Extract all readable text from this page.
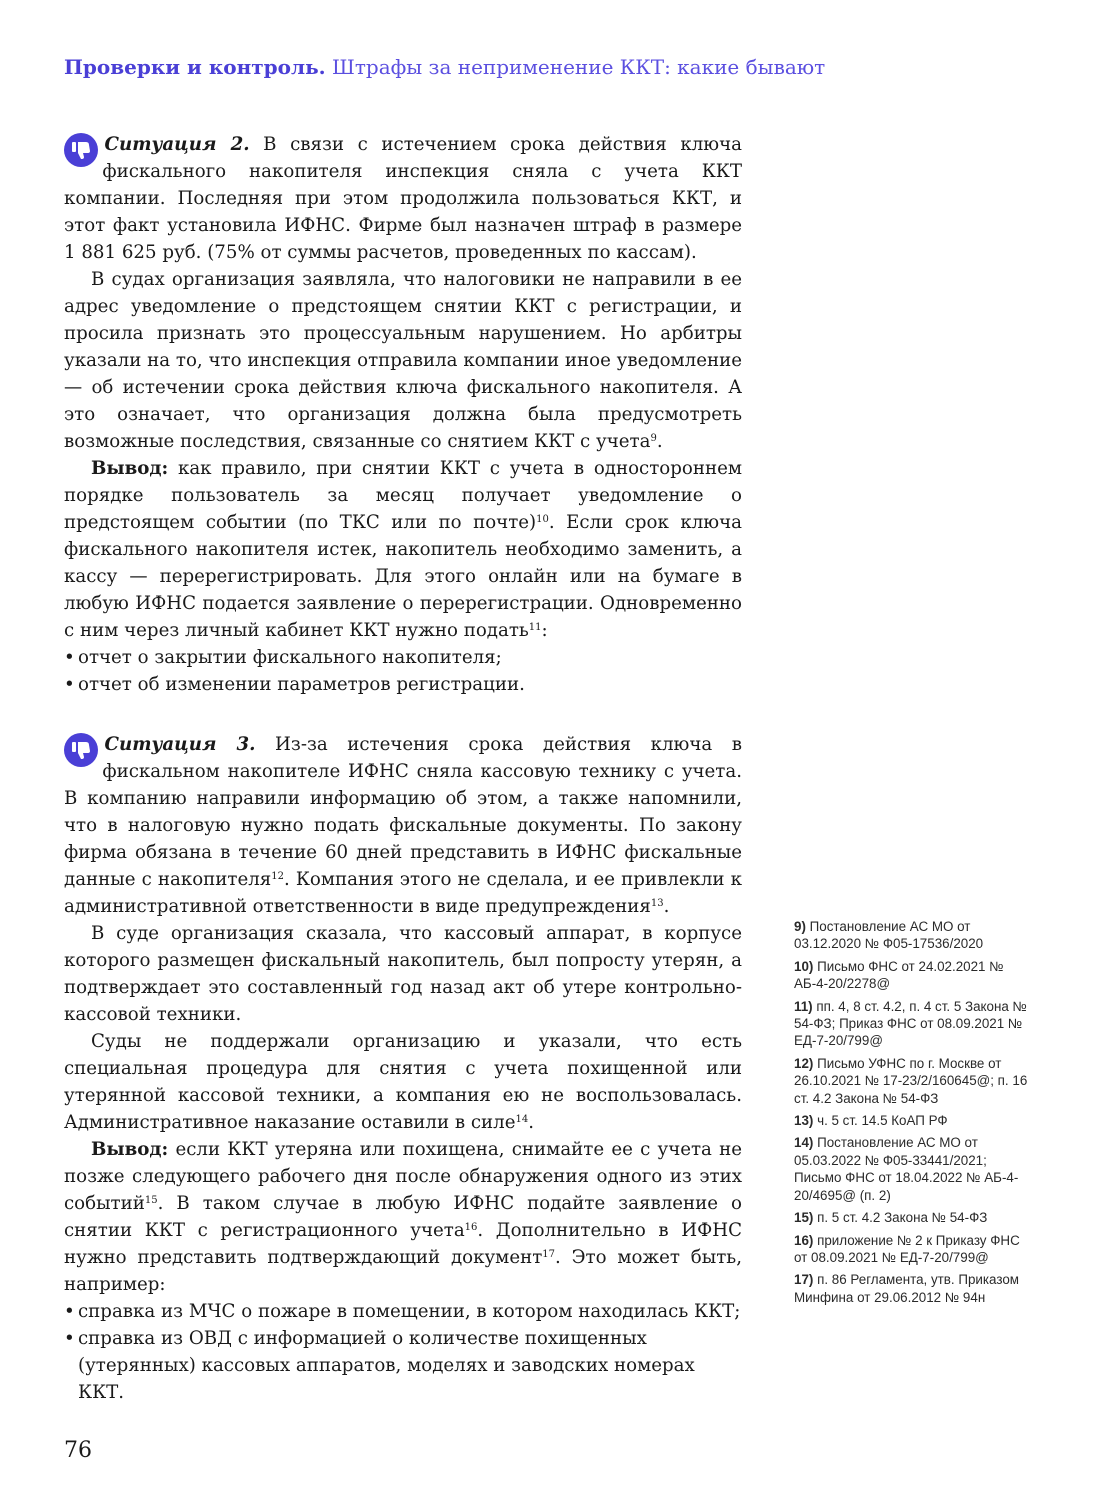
Проверки и контроль. Штрафы за неприменение ККТ: какие бывают

Ситуация 2. В связи с истечением срока действия ключа фискального накопителя инспекция сняла с учета ККТ компании. Последняя при этом продолжила пользоваться ККТ, и этот факт установила ИФНС. Фирме был назначен штраф в размере 1 881 625 руб. (75% от суммы расчетов, проведенных по кассам).

В судах организация заявляла, что налоговики не направили в ее адрес уведомление о предстоящем снятии ККТ с регистрации, и просила признать это процессуальным нарушением. Но арбитры указали на то, что инспекция отправила компании иное уведомление — об истечении срока действия ключа фискального накопителя. А это означает, что организация должна была предусмотреть возможные последствия, связанные со снятием ККТ с учета$^9$.

Вывод: как правило, при снятии ККТ с учета в одностороннем порядке пользователь за месяц получает уведомление о предстоящем событии (по ТКС или по почте)$^{10}$. Если срок ключа фискального накопителя истек, накопитель необходимо заменить, а кассу — перерегистрировать. Для этого онлайн или на бумаге в любую ИФНС подается заявление о перерегистрации. Одновременно с ним через личный кабинет ККТ нужно подать$^{11}$:

• отчет о закрытии фискального накопителя;
• отчет об изменении параметров регистрации.

Ситуация 3. Из-за истечения срока действия ключа в фискальном накопителе ИФНС сняла кассовую технику с учета. В компанию направили информацию об этом, а также напомнили, что в налоговую нужно подать фискальные документы. По закону фирма обязана в течение 60 дней представить в ИФНС фискальные данные с накопителя$^{12}$. Компания этого не сделала, и ее привлекли к административной ответственности в виде предупреждения$^{13}$.

В суде организация сказала, что кассовый аппарат, в корпусе которого размещен фискальный накопитель, был попросту утерян, а подтверждает это составленный год назад акт об утере контрольно-кассовой техники.

Суды не поддержали организацию и указали, что есть специальная процедура для снятия с учета похищенной или утерянной кассовой техники, а компания ею не воспользовалась. Административное наказание оставили в силе$^{14}$.

Вывод: если ККТ утеряна или похищена, снимайте ее с учета не позже следующего рабочего дня после обнаружения одного из этих событий$^{15}$. В таком случае в любую ИФНС подайте заявление о снятии ККТ с регистрационного учета$^{16}$. Дополнительно в ИФНС нужно представить подтверждающий документ$^{17}$. Это может быть, например:

• справка из МЧС о пожаре в помещении, в котором находилась ККТ;
• справка из ОВД с информацией о количестве похищенных (утерянных) кассовых аппаратов, моделях и заводских номерах ККТ.
9) Постановление АС МО от 03.12.2020 № Ф05-17536/2020
10) Письмо ФНС от 24.02.2021 № АБ-4-20/2278@
11) пп. 4, 8 ст. 4.2, п. 4 ст. 5 Закона № 54-ФЗ; Приказ ФНС от 08.09.2021 № ЕД-7-20/799@
12) Письмо УФНС по г. Москве от 26.10.2021 № 17-23/2/160645@; п. 16 ст. 4.2 Закона № 54-ФЗ
13) ч. 5 ст. 14.5 КоАП РФ
14) Постановление АС МО от 05.03.2022 № Ф05-33441/2021; Письмо ФНС от 18.04.2022 № АБ-4-20/4695@ (п. 2)
15) п. 5 ст. 4.2 Закона № 54-ФЗ
16) приложение № 2 к Приказу ФНС от 08.09.2021 № ЕД-7-20/799@
17) п. 86 Регламента, утв. Приказом Минфина от 29.06.2012 № 94н
76
